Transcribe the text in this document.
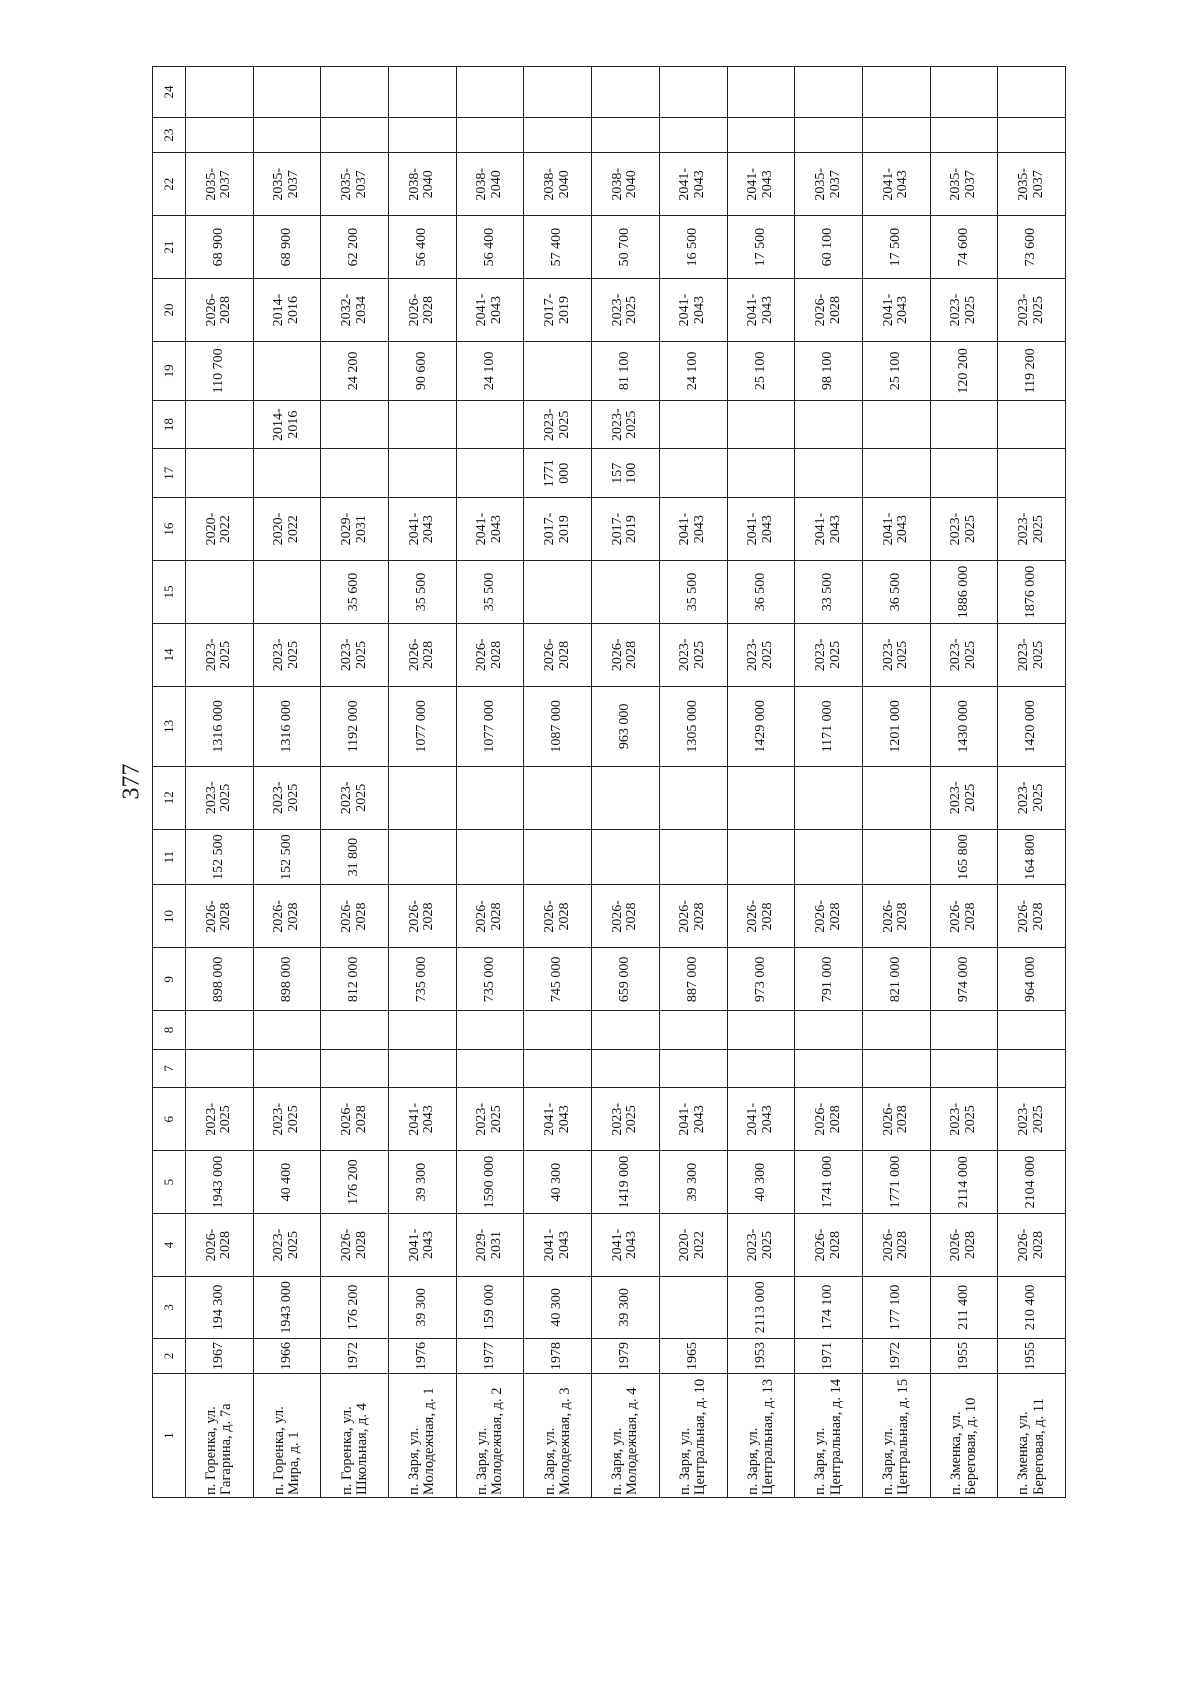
377
1	2	3	4	5	6	7	8	9	10	11	12	13	14	15	16	17	18	19	20	21	22	23	24
п. Горенка, ул. Гагарина, д. 7а	1967	194 300	2026-2028	1943 000	2023-2025			898 000	2026-2028	152 500	2023-2025	1316 000	2023-2025		2020-2022			110 700	2026-2028	68 900	2035-2037		
п. Горенка, ул. Мира, д. 1	1966	1943 000	2023-2025	40 400	2023-2025			898 000	2026-2028	152 500	2023-2025	1316 000	2023-2025		2020-2022		2014-2016		2014-2016	68 900	2035-2037		
п. Горенка, ул. Школьная, д. 4	1972	176 200	2026-2028	176 200	2026-2028			812 000	2026-2028	31 800	2023-2025	1192 000	2023-2025	35 600	2029-2031			24 200	2032-2034	62 200	2035-2037		
п. Заря, ул. Молодежная, д. 1	1976	39 300	2041-2043	39 300	2041-2043			735 000	2026-2028			1077 000	2026-2028	35 500	2041-2043			90 600	2026-2028	56 400	2038-2040		
п. Заря, ул. Молодежная, д. 2	1977	159 000	2029-2031	1590 000	2023-2025			735 000	2026-2028			1077 000	2026-2028	35 500	2041-2043			24 100	2041-2043	56 400	2038-2040		
п. Заря, ул. Молодежная, д. 3	1978	40 300	2041-2043	40 300	2041-2043			745 000	2026-2028			1087 000	2026-2028		2017-2019	1771 000	2023-2025		2017-2019	57 400	2038-2040		
п. Заря, ул. Молодежная, д. 4	1979	39 300	2041-2043	1419 000	2023-2025			659 000	2026-2028			963 000	2026-2028		2017-2019	157 100	2023-2025	81 100	2023-2025	50 700	2038-2040		
п. Заря, ул. Центральная, д. 10	1965		2020-2022	39 300	2041-2043			887 000	2026-2028			1305 000	2023-2025	35 500	2041-2043			24 100	2041-2043	16 500	2041-2043		
п. Заря, ул. Центральная, д. 13	1953	2113 000	2023-2025	40 300	2041-2043			973 000	2026-2028			1429 000	2023-2025	36 500	2041-2043			25 100	2041-2043	17 500	2041-2043		
п. Заря, ул. Центральная, д. 14	1971	174 100	2026-2028	1741 000	2026-2028			791 000	2026-2028			1171 000	2023-2025	33 500	2041-2043			98 100	2026-2028	60 100	2035-2037		
п. Заря, ул. Центральная, д. 15	1972	177 100	2026-2028	1771 000	2026-2028			821 000	2026-2028			1201 000	2023-2025	36 500	2041-2043			25 100	2041-2043	17 500	2041-2043		
п. Зменка, ул. Береговая, д. 10	1955	211 400	2026-2028	2114 000	2023-2025			974 000	2026-2028	165 800	2023-2025	1430 000	2023-2025	1886 000	2023-2025			120 200	2023-2025	74 600	2035-2037		
п. Зменка, ул. Береговая, д. 11	1955	210 400	2026-2028	2104 000	2023-2025			964 000	2026-2028	164 800	2023-2025	1420 000	2023-2025	1876 000	2023-2025			119 200	2023-2025	73 600	2035-2037		
